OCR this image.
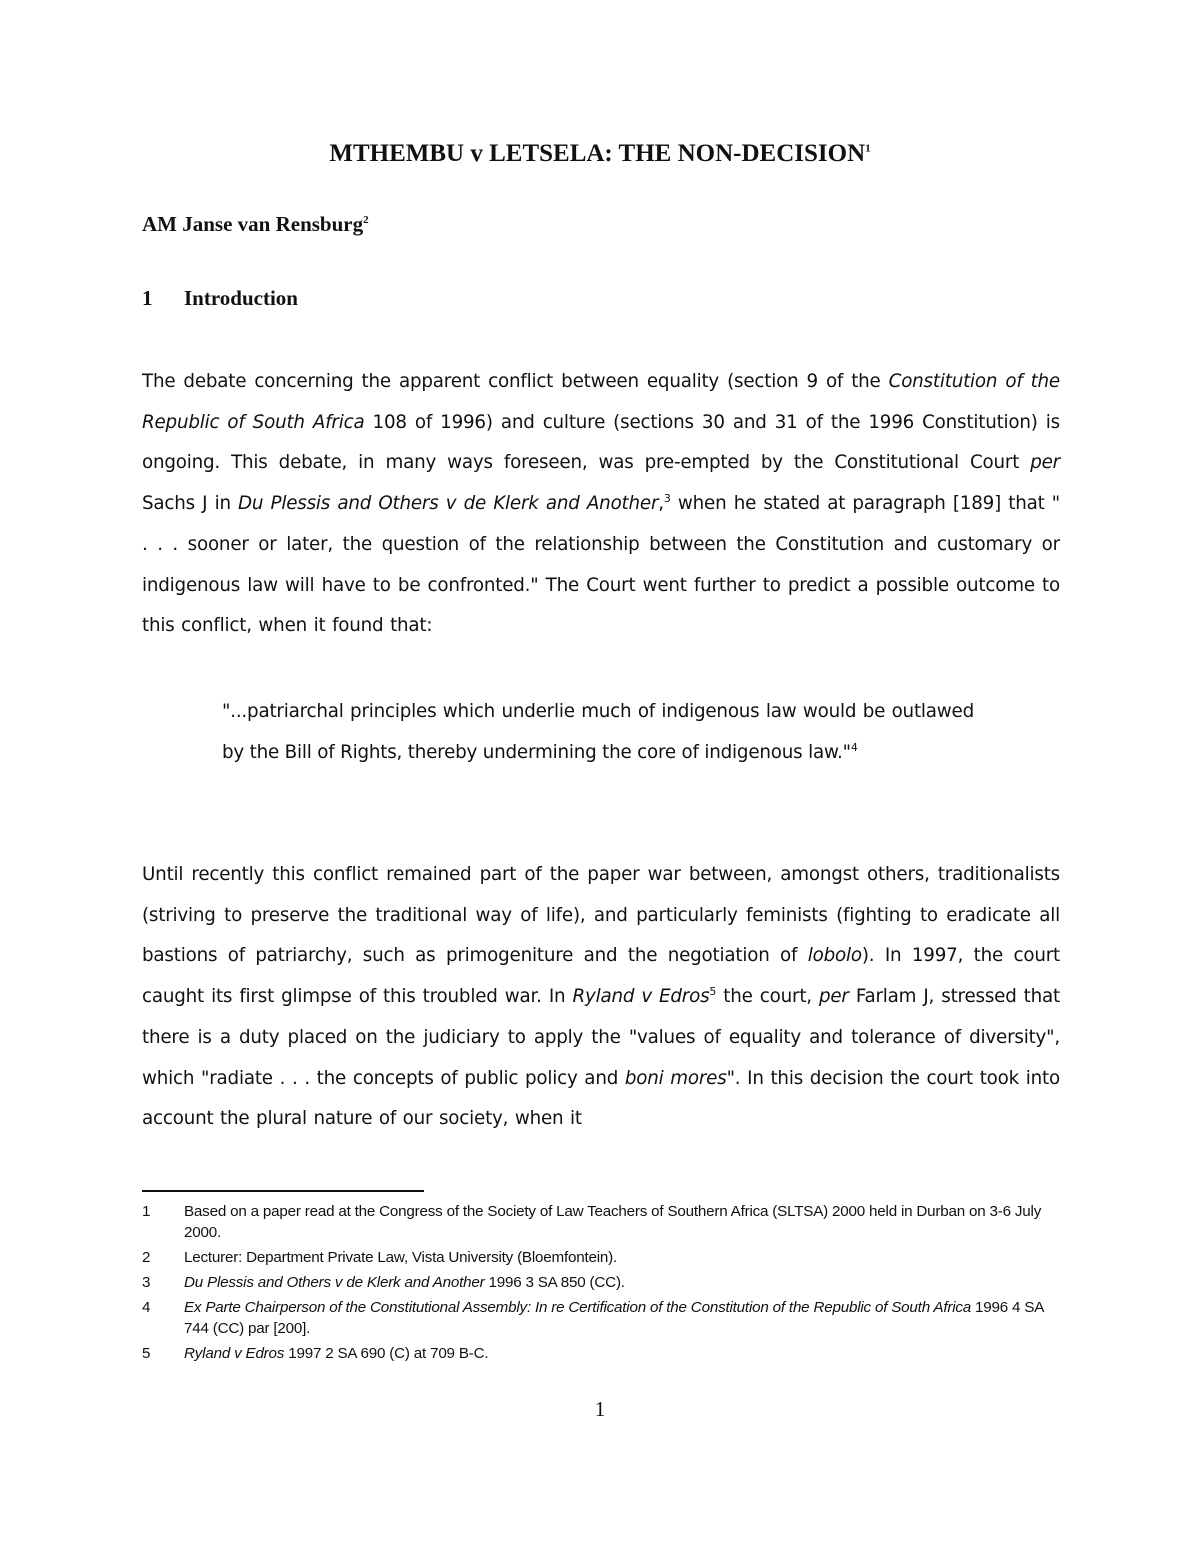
MTHEMBU v LETSELA: THE NON-DECISION$^1$

AM Janse van Rensburg$^2$

1 Introduction

The debate concerning the apparent conflict between equality (section 9 of the Constitution of the Republic of South Africa 108 of 1996) and culture (sections 30 and 31 of the 1996 Constitution) is ongoing. This debate, in many ways foreseen, was pre-empted by the Constitutional Court per Sachs J in Du Plessis and Others v de Klerk and Another,$^3$ when he stated at paragraph [189] that " . . . sooner or later, the question of the relationship between the Constitution and customary or indigenous law will have to be confronted." The Court went further to predict a possible outcome to this conflict, when it found that:

"...patriarchal principles which underlie much of indigenous law would be outlawed by the Bill of Rights, thereby undermining the core of indigenous law."$^4$

Until recently this conflict remained part of the paper war between, amongst others, traditionalists (striving to preserve the traditional way of life), and particularly feminists (fighting to eradicate all bastions of patriarchy, such as primogeniture and the negotiation of lobolo). In 1997, the court caught its first glimpse of this troubled war. In Ryland v Edros$^5$ the court, per Farlam J, stressed that there is a duty placed on the judiciary to apply the "values of equality and tolerance of diversity", which "radiate . . . the concepts of public policy and boni mores". In this decision the court took into account the plural nature of our society, when it

1 Based on a paper read at the Congress of the Society of Law Teachers of Southern Africa (SLTSA) 2000 held in Durban on 3-6 July 2000.

2 Lecturer: Department Private Law, Vista University (Bloemfontein).

3 Du Plessis and Others v de Klerk and Another 1996 3 SA 850 (CC).

4 Ex Parte Chairperson of the Constitutional Assembly: In re Certification of the Constitution of the Republic of South Africa 1996 4 SA 744 (CC) par [200].

5 Ryland v Edros 1997 2 SA 690 (C) at 709 B-C.

1
